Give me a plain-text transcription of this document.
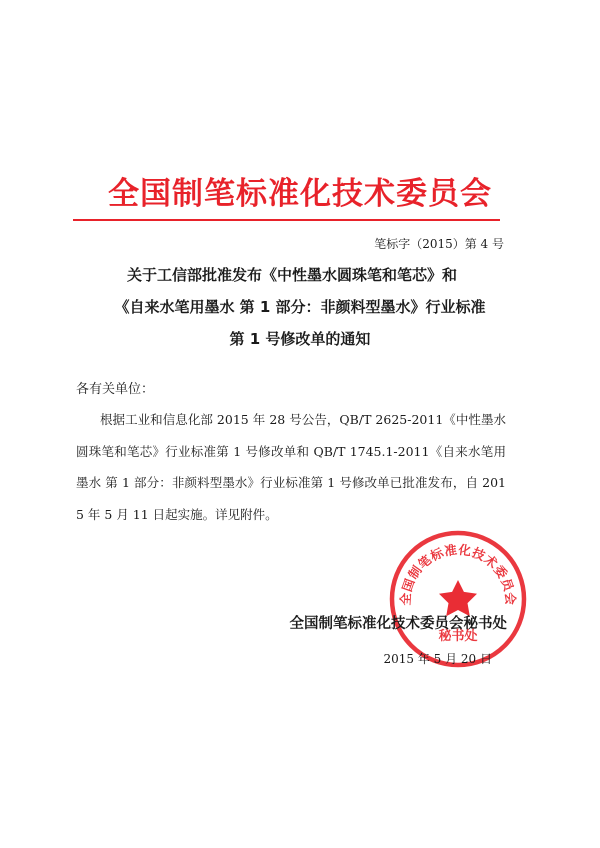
全国制笔标准化技术委员会
笔标字（2015）第 4 号
关于工信部批准发布《中性墨水圆珠笔和笔芯》和
《自来水笔用墨水 第 1 部分：非颜料型墨水》行业标准
第 1 号修改单的通知
各有关单位：
根据工业和信息化部 2015 年 28 号公告，QB/T 2625-2011《中性墨水圆珠笔和笔芯》行业标准第 1 号修改单和 QB/T 1745.1-2011《自来水笔用墨水 第 1 部分：非颜料型墨水》行业标准第 1 号修改单已批准发布，自 2015 年 5 月 11 日起实施。详见附件。
全国制笔标准化技术委员会
秘书处
全国制笔标准化技术委员会秘书处
2015 年 5 月 20 日
